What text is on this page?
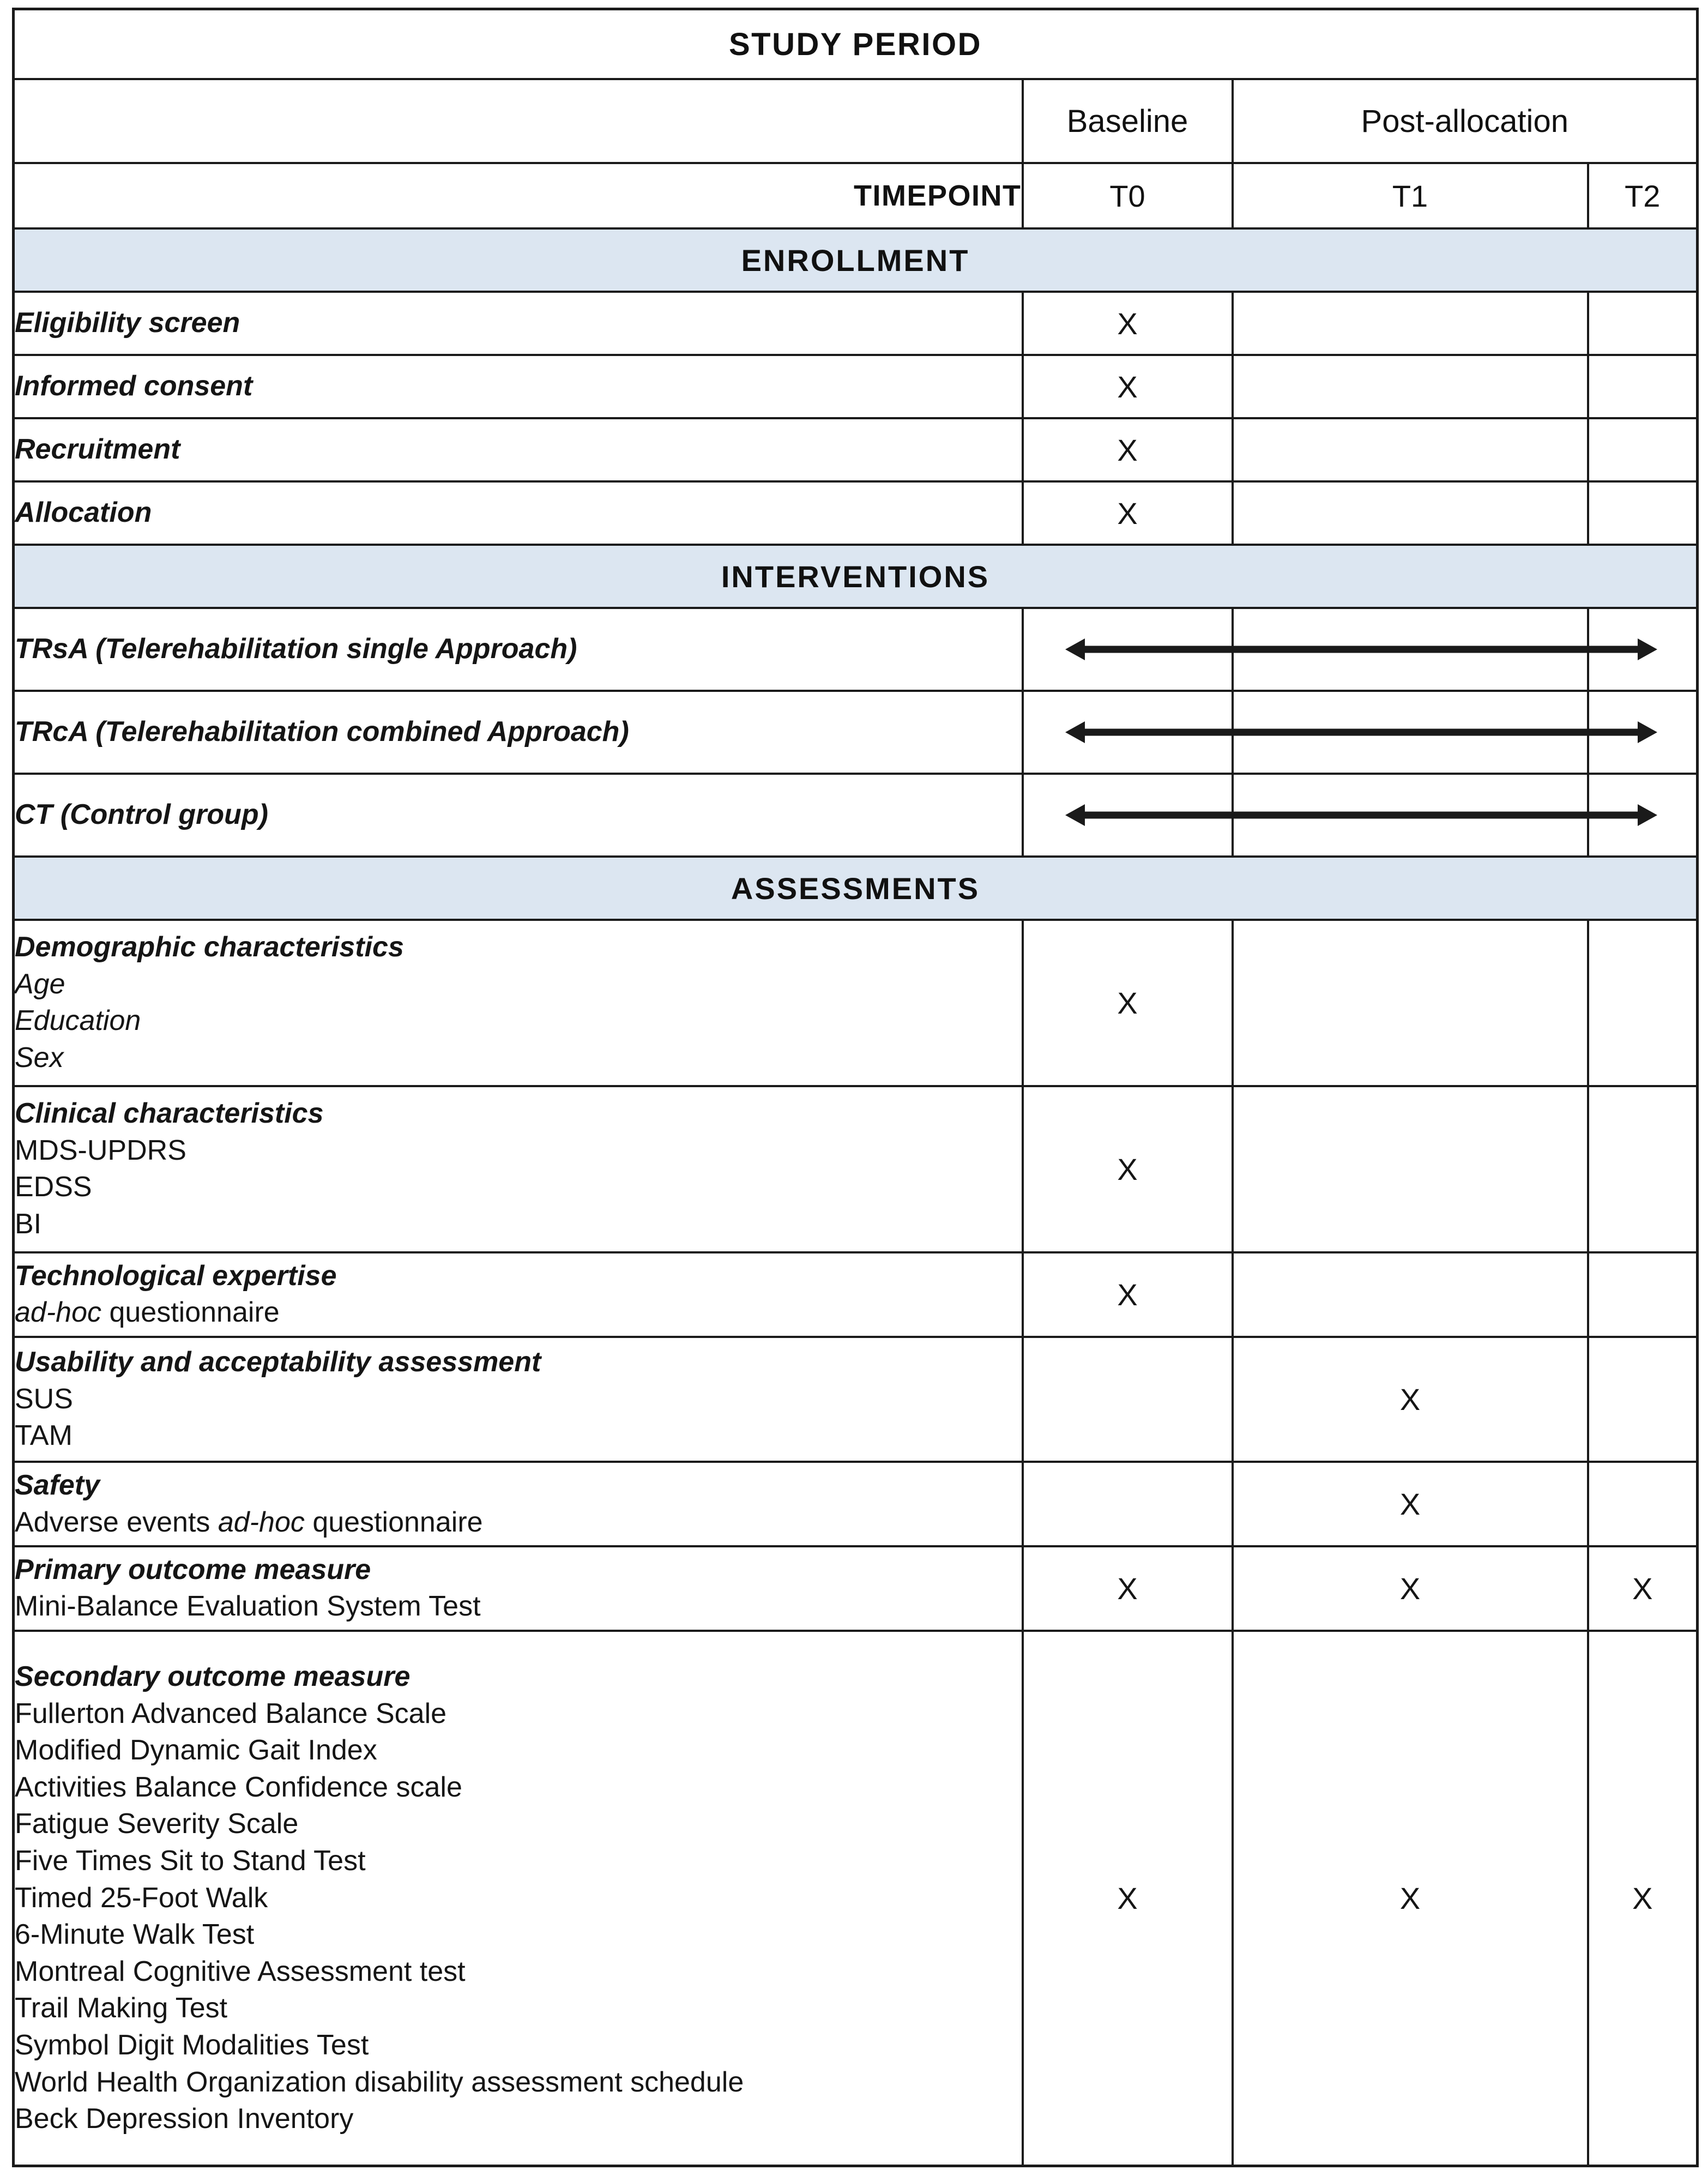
STUDY PERIOD			
	Baseline	Post-allocation	
TIMEPOINT	T0	T1	T2
ENROLLMENT			

Eligibility screen	X		

Informed consent	X		

Recruitment	X		

Allocation	X		
INTERVENTIONS			

TRsA (Telerehabilitation single Approach)

TRcA (Telerehabilitation combined Approach)

CT (Control group)

ASSESSMENTS			

Demographic characteristics
Age
Education
Sex	X		

Clinical characteristics
MDS-UPDRS
EDSS
BI	X		

Technological expertise
ad-hoc questionnaire	X		

Usability and acceptability assessment
SUS
TAM		X	

Safety
Adverse events ad-hoc questionnaire		X	

Primary outcome measure
Mini-Balance Evaluation System Test	X	X	X

Secondary outcome measure
Fullerton Advanced Balance Scale
Modified Dynamic Gait Index
Activities Balance Confidence scale
Fatigue Severity Scale
Five Times Sit to Stand Test
Timed 25-Foot Walk
6-Minute Walk Test
Montreal Cognitive Assessment test
Trail Making Test
Symbol Digit Modalities Test
World Health Organization disability assessment schedule
Beck Depression Inventory
	X	X	X
